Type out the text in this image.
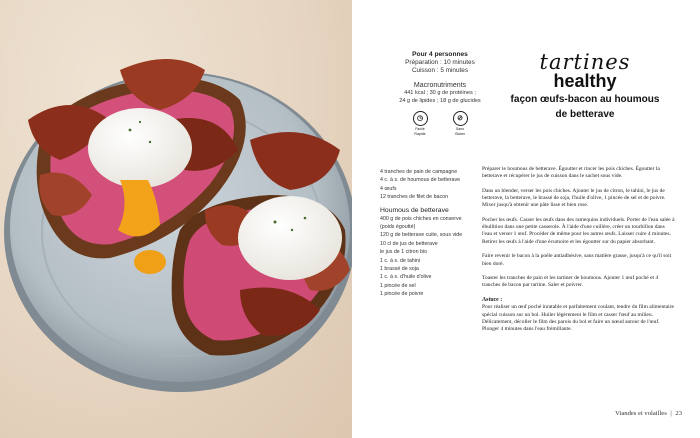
Pour 4 personnes
Préparation : 10 minutes
Cuisson : 5 minutes
Macronutriments
441 kcal ; 30 g de protéines ;
24 g de lipides ; 18 g de glucides
◷
Facile
Rapide
⊘
Sans
Gluten
tartines
healthy
façon œufs-bacon au houmous
de betterave
4 tranches de pain de campagne
4 c. à s. de houmous de betterave
4 œufs
12 tranches de filet de bacon
Houmous de betterave
400 g de pois chiches en conserve
(poids égoutté)
120 g de betterave cuite, sous vide
10 cl de jus de betterave
le jus de 1 citron bio
1 c. à s. de tahini
1 brassé de soja
1 c. à s. d'huile d'olive
1 pincée de sel
1 pincée de poivre

Préparer le houmous de betterave. Égoutter et rincer les pois chiches. Égoutter la betterave et récupérer le jus de cuisson dans le sachet sous vide.

Dans un blender, verser les pois chiches. Ajouter le jus de citron, le tahini, le jus de betterave, la betterave, le brassé de soja, l'huile d'olive, 1 pincée de sel et de poivre. Mixer jusqu'à obtenir une pâte lisse et bien rose.

Pocher les œufs. Casser les œufs dans des ramequins individuels. Porter de l'eau salée à ébullition dans une petite casserole. À l'aide d'une cuillère, créer un tourbillon dans l'eau et verser 1 œuf. Procéder de même pour les autres œufs. Laisser cuire 4 minutes. Retirer les œufs à l'aide d'une écumoire et les égoutter sur du papier absorbant.

Faire revenir le bacon à la poêle antiadhésive, sans matière grasse, jusqu'à ce qu'il soit bien doré.

Toaster les tranches de pain et les tartiner de houmous. Ajouter 1 œuf poché et 4 tranches de bacon par tartine. Saler et poivrer.

Astuce :

Pour réaliser un œuf poché inratable et parfaitement coulant, tendre du film alimentaire spécial cuisson sur un bol. Huiler légèrement le film et casser l'œuf au milieu. Délicatement, décoller le film des parois du bol et faire un nœud autour de l'œuf. Plonger 4 minutes dans l'eau frémillante.

Viandes et volailles | 23
